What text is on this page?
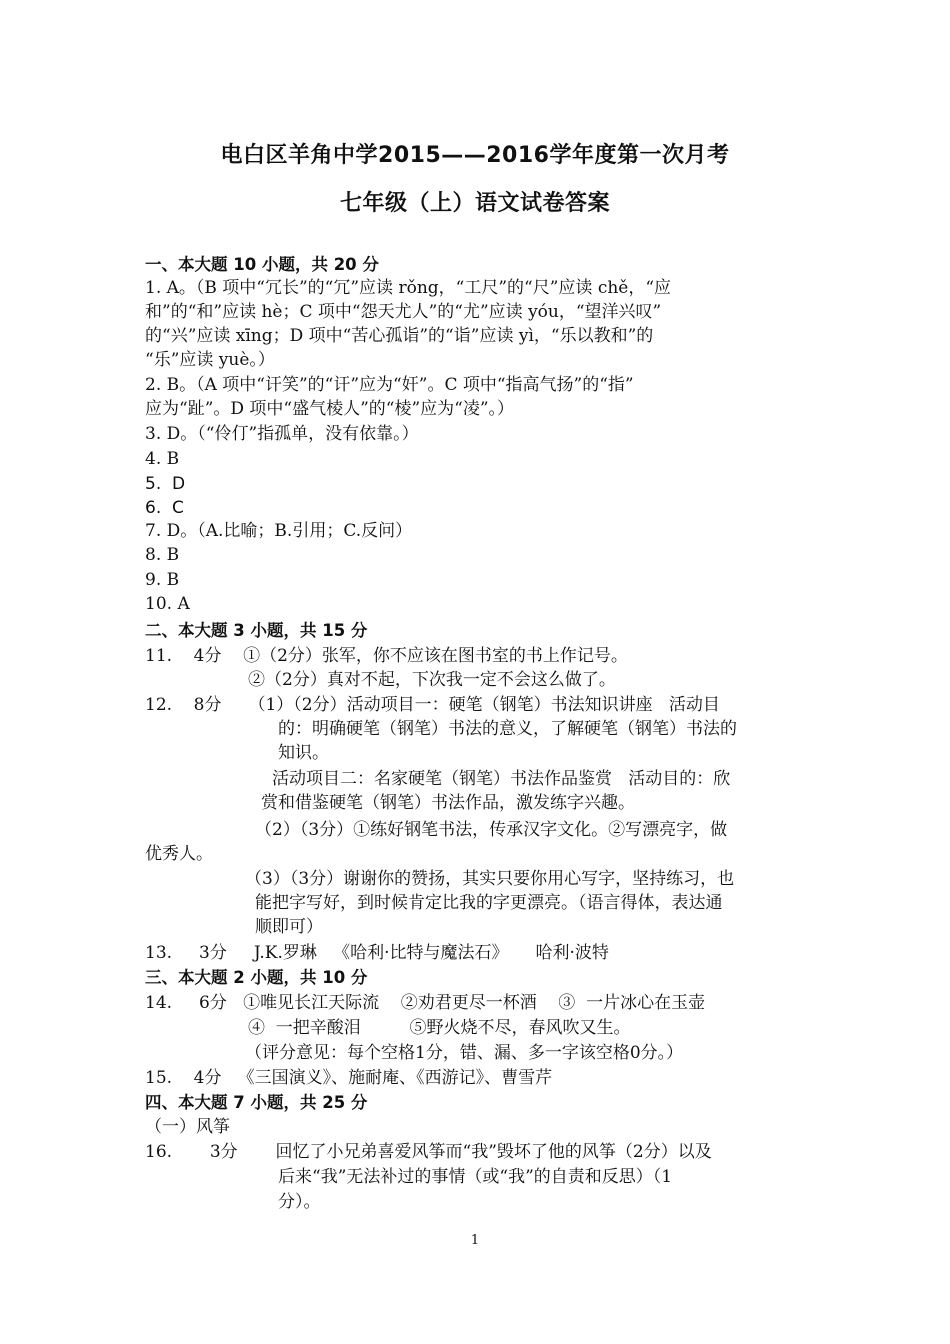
电白区羊角中学2015——2016学年度第一次月考
七年级（上）语文试卷答案
一、本大题 10 小题，共 20 分
1. A。（B 项中“冗长”的“冗”应读 rǒng，“工尺”的“尺”应读 chě，“应
和”的“和”应读 hè；C 项中“怨天尤人”的“尤”应读 yóu，“望洋兴叹”
的“兴”应读 xīng；D 项中“苦心孤诣”的“诣”应读 yì，“乐以教和”的
“乐”应读 yuè。）
2. B。（A 项中“讦笑”的“讦”应为“奸”。C 项中“指高气扬”的“指”
应为“趾”。D 项中“盛气棱人”的“棱”应为“凌”。）
3. D。（“伶仃”指孤单，没有依靠。）
4. B
5.  D
6.  C
7. D。（A.比喻；B.引用；C.反问）
8. B
9. B
10. A
二、本大题 3 小题，共 15 分
11.    4分    ①（2分）张军，你不应该在图书室的书上作记号。
②（2分）真对不起，下次我一定不会这么做了。
12.    8分     （1）（2分）活动项目一：硬笔（钢笔）书法知识讲座   活动目
的：明确硬笔（钢笔）书法的意义，了解硬笔（钢笔）书法的
知识。
活动项目二：名家硬笔（钢笔）书法作品鉴赏   活动目的：欣
赏和借鉴硬笔（钢笔）书法作品，激发练字兴趣。
（2）（3分）①练好钢笔书法，传承汉字文化。②写漂亮字，做
优秀人。
（3）（3分）谢谢你的赞扬，其实只要你用心写字，坚持练习，也
能把字写好，到时候肯定比我的字更漂亮。（语言得体，表达通
顺即可）
13.     3分     J.K.罗琳   《哈利·比特与魔法石》     哈利·波特
三、本大题 2 小题，共 10 分
14.     6分   ①唯见长江天际流    ②劝君更尽一杯酒    ③  一片冰心在玉壶
④  一把辛酸泪         ⑤野火烧不尽，春风吹又生。
（评分意见：每个空格1分，错、漏、多一字该空格0分。）
15.    4分   《三国演义》、施耐庵、《西游记》、曹雪芹
四、本大题 7 小题，共 25 分
（一）风筝
16.       3分       回忆了小兄弟喜爱风筝而“我”毁坏了他的风筝（2分）以及
后来“我”无法补过的事情（或“我”的自责和反思）（1
分）。
1
